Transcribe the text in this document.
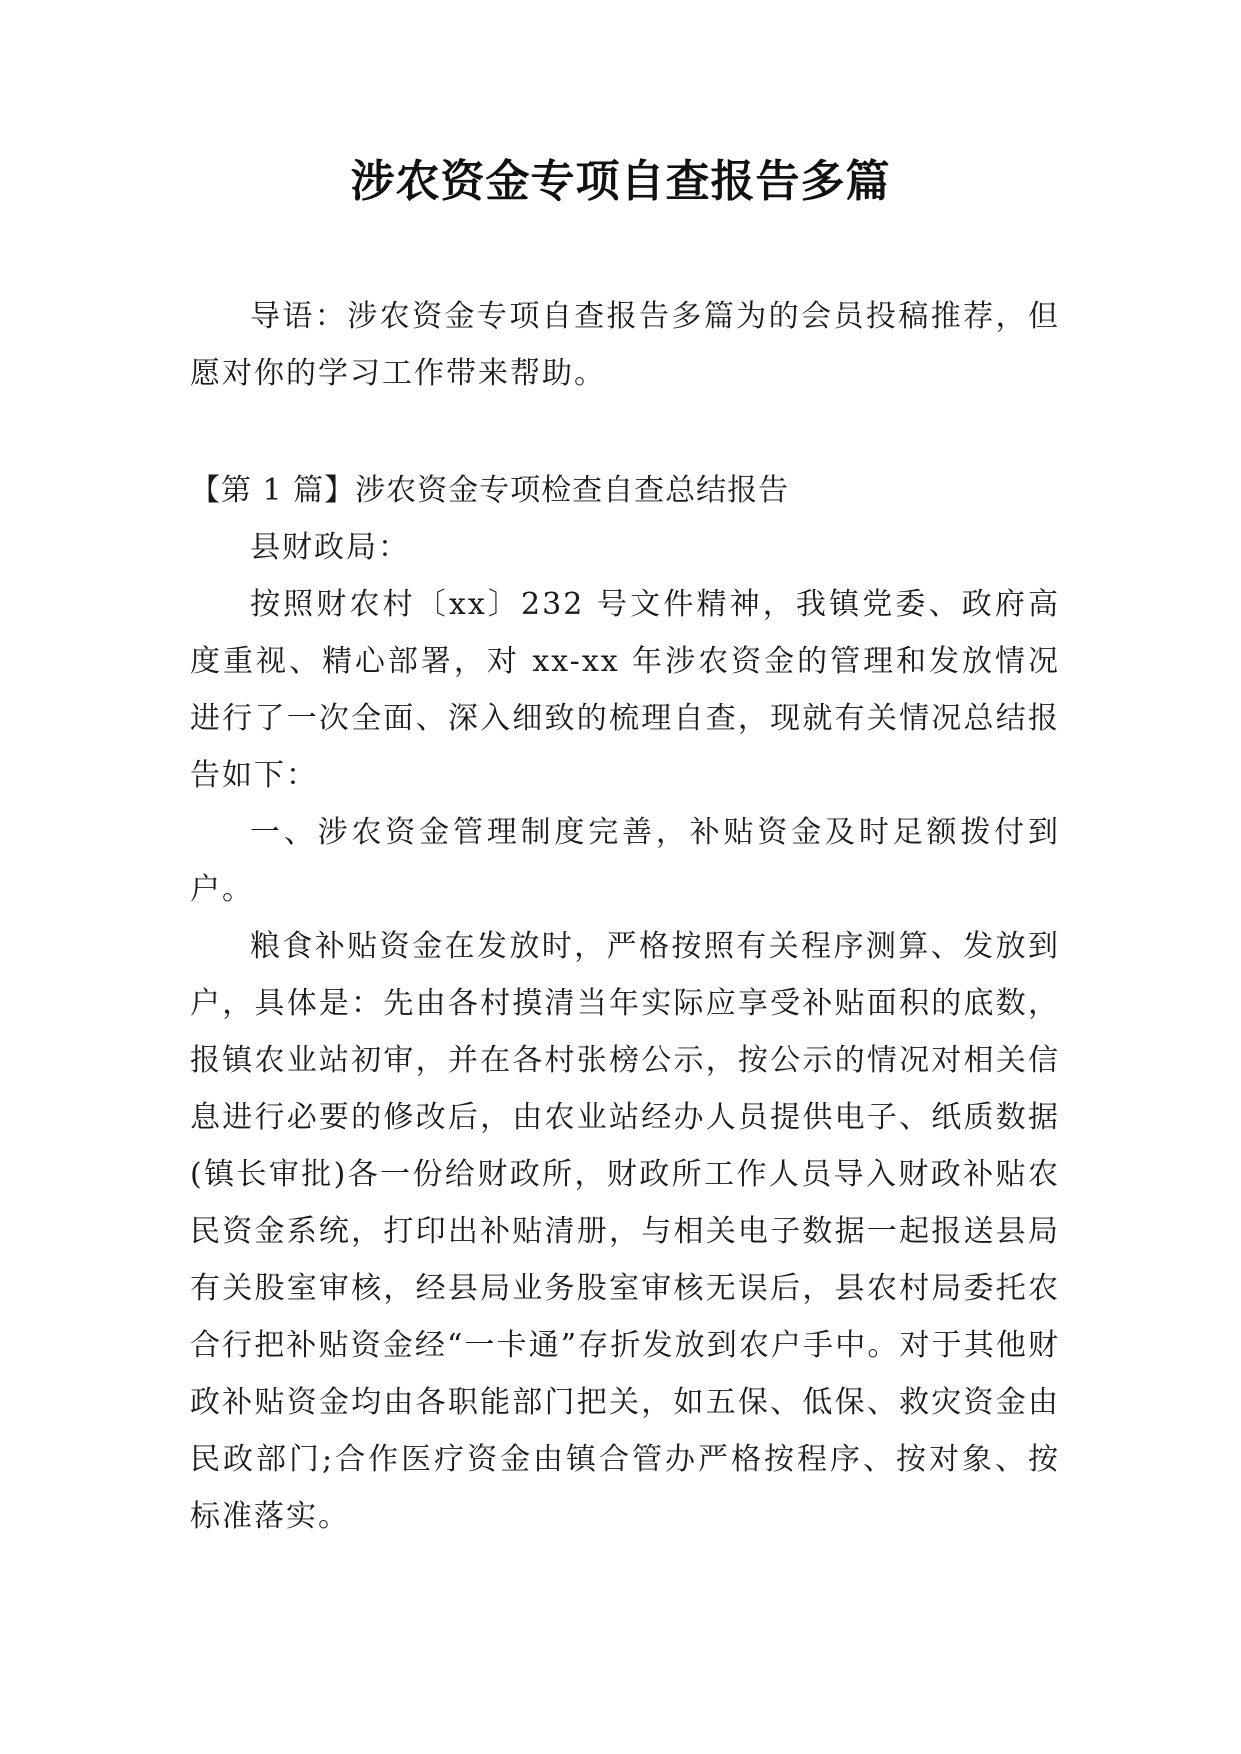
涉农资金专项自查报告多篇

导语：涉农资金专项自查报告多篇为的会员投稿推荐，但愿对你的学习工作带来帮助。

【第 1 篇】涉农资金专项检查自查总结报告

县财政局：

按照财农村〔xx〕232 号文件精神，我镇党委、政府高度重视、精心部署，对 xx-xx 年涉农资金的管理和发放情况进行了一次全面、深入细致的梳理自查，现就有关情况总结报告如下：

一、涉农资金管理制度完善，补贴资金及时足额拨付到户。

粮食补贴资金在发放时，严格按照有关程序测算、发放到户，具体是：先由各村摸清当年实际应享受补贴面积的底数，报镇农业站初审，并在各村张榜公示，按公示的情况对相关信息进行必要的修改后，由农业站经办人员提供电子、纸质数据(镇长审批)各一份给财政所，财政所工作人员导入财政补贴农民资金系统，打印出补贴清册，与相关电子数据一起报送县局有关股室审核，经县局业务股室审核无误后，县农村局委托农合行把补贴资金经“一卡通”存折发放到农户手中。对于其他财政补贴资金均由各职能部门把关，如五保、低保、救灾资金由民政部门;合作医疗资金由镇合管办严格按程序、按对象、按标准落实。
